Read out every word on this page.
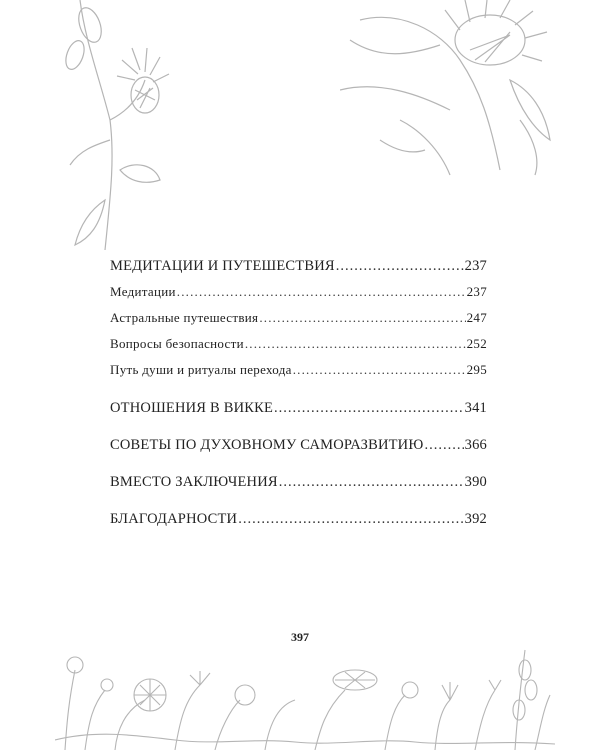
МЕДИТАЦИИ И ПУТЕШЕСТВИЯ .....	237
Медитации .....	237
Астральные путешествия .....	247
Вопросы безопасности .....	252
Путь души и ритуалы перехода .....	295
ОТНОШЕНИЯ В ВИККЕ .....	341
СОВЕТЫ ПО ДУХОВНОМУ САМОРАЗВИТИЮ .....	366
ВМЕСТО ЗАКЛЮЧЕНИЯ .....	390
БЛАГОДАРНОСТИ .....	392
397
